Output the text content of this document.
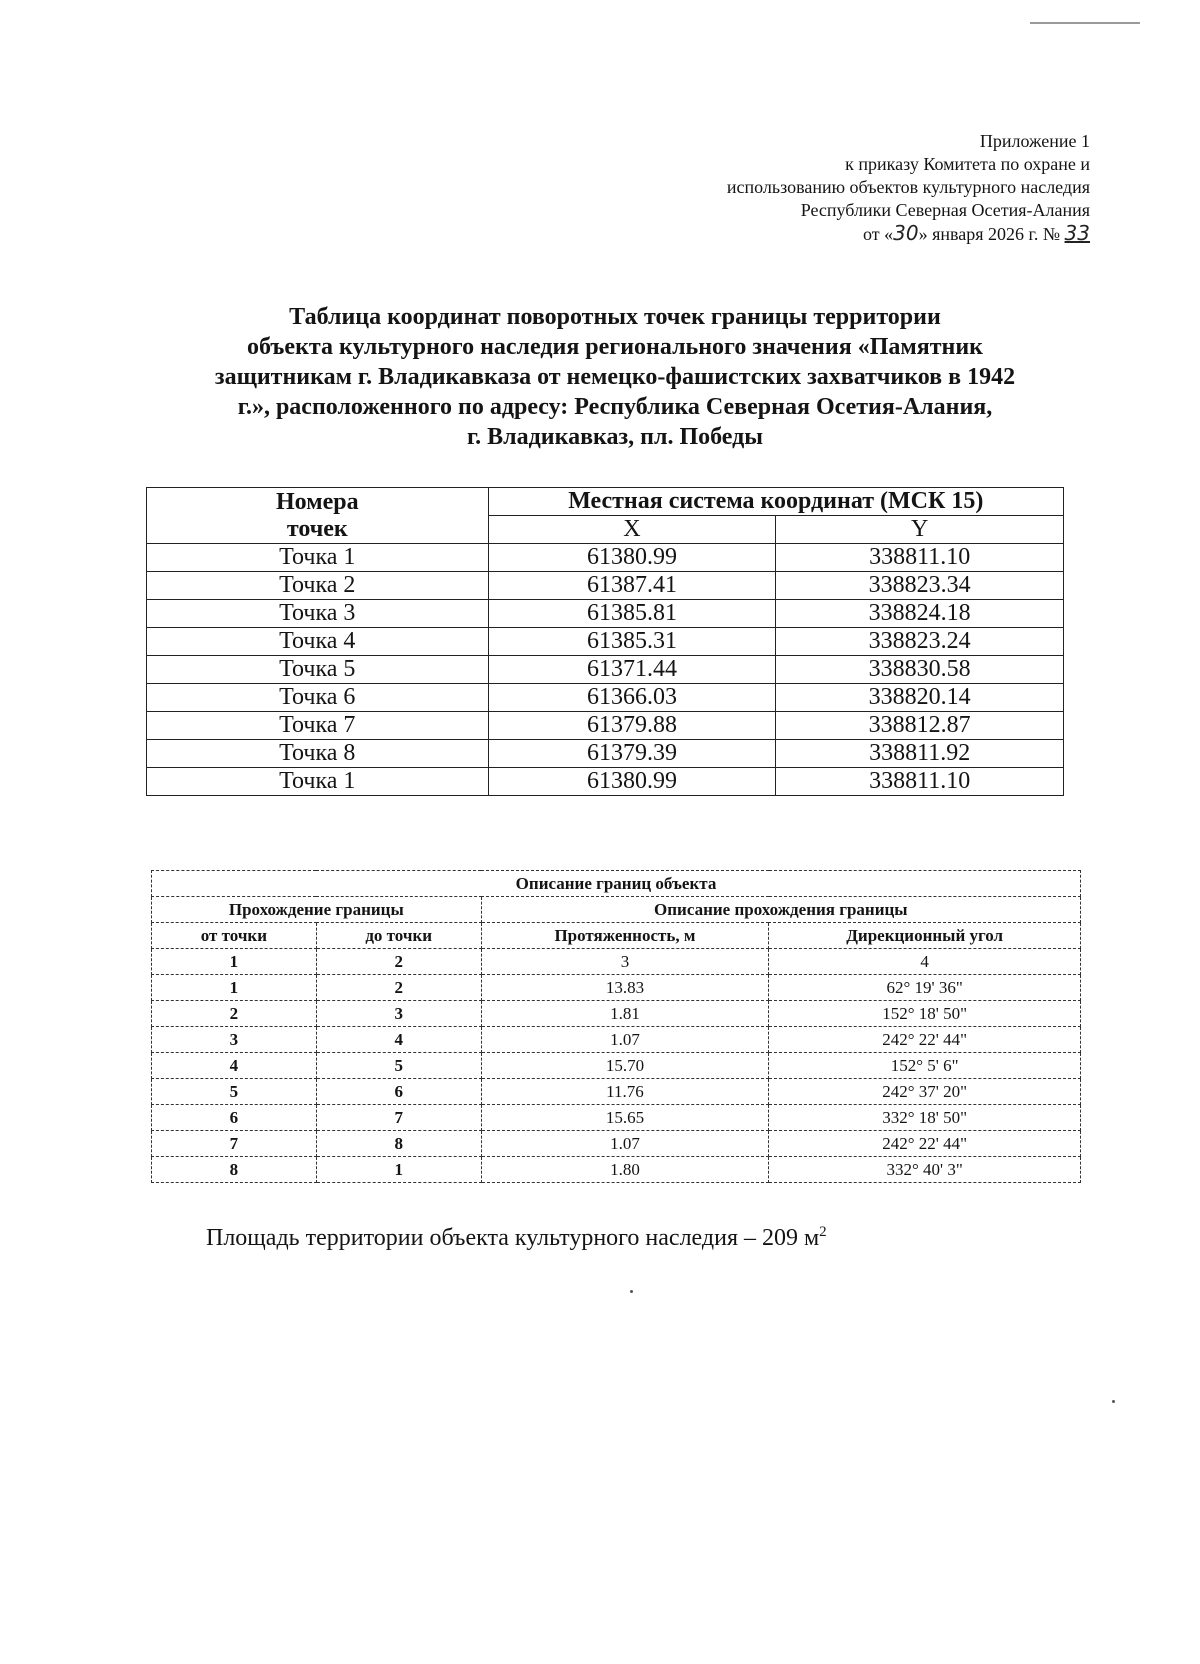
Приложение 1
к приказу Комитета по охране и
использованию объектов культурного наследия
Республики Северная Осетия-Алания
от «30» января 2026 г. № 33
Таблица координат поворотных точек границы территории
объекта культурного наследия регионального значения «Памятник
защитникам г. Владикавказа от немецко-фашистских захватчиков в 1942
г.», расположенного по адресу: Республика Северная Осетия-Алания,
г. Владикавказ, пл. Победы
Номера
точек	Местная система координат (МСК 15)	
	X	Y
Точка 1	61380.99	338811.10
Точка 2	61387.41	338823.34
Точка 3	61385.81	338824.18
Точка 4	61385.31	338823.24
Точка 5	61371.44	338830.58
Точка 6	61366.03	338820.14
Точка 7	61379.88	338812.87
Точка 8	61379.39	338811.92
Точка 1	61380.99	338811.10
Описание границ объекта			
Прохождение границы		Описание прохождения границы	
от точки	до точки	Протяженность, м	Дирекционный угол
1	2	3	4
1	2	13.83	62° 19' 36"
2	3	1.81	152° 18' 50"
3	4	1.07	242° 22' 44"
4	5	15.70	152° 5' 6"
5	6	11.76	242° 37' 20"
6	7	15.65	332° 18' 50"
7	8	1.07	242° 22' 44"
8	1	1.80	332° 40' 3"
Площадь территории объекта культурного наследия – 209 $м^2$
